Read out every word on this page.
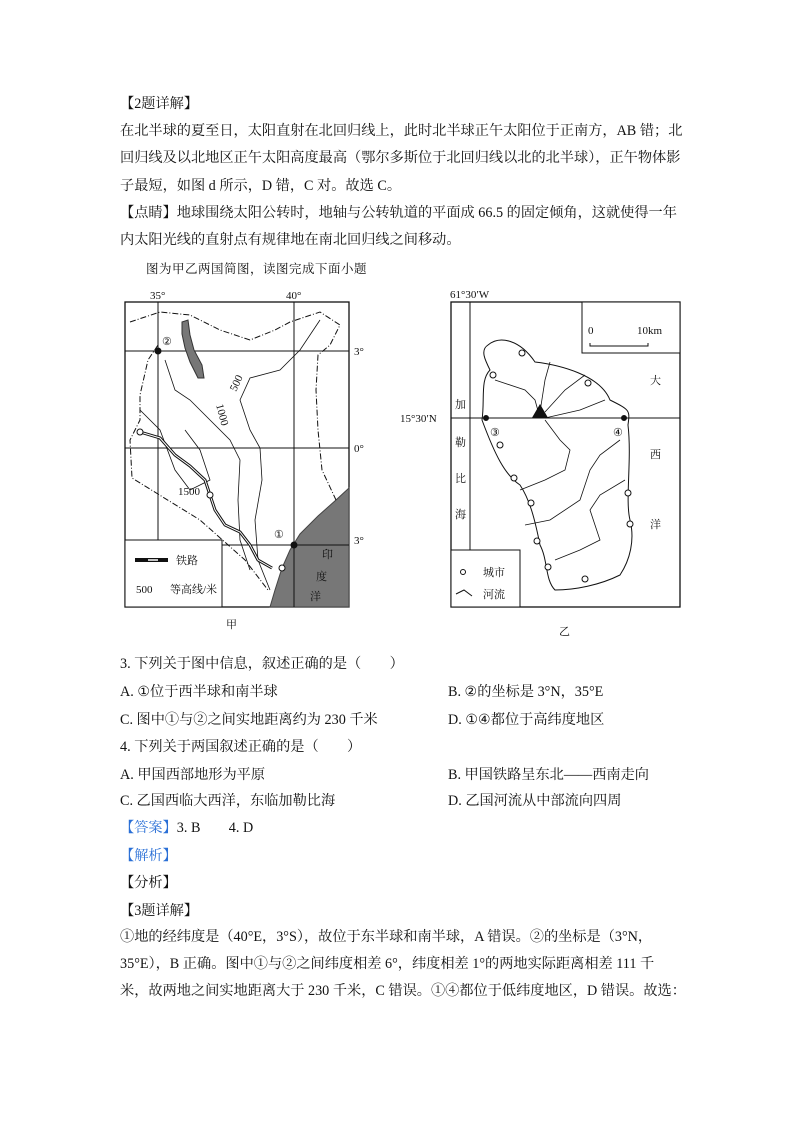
【2题详解】
在北半球的夏至日，太阳直射在北回归线上，此时北半球正午太阳位于正南方，AB 错；北
回归线及以北地区正午太阳高度最高（鄂尔多斯位于北回归线以北的北半球），正午物体影
子最短，如图 d 所示，D 错，C 对。故选 C。
【点睛】地球围绕太阳公转时，地轴与公转轨道的平面成 66.5 的固定倾角，这就使得一年
内太阳光线的直射点有规律地在南北回归线之间移动。
图为甲乙两国简图，读图完成下面小题
35°	40°
3°
0°
3°
500
1000
1500
①
②
印
度
洋
铁路
500 等高线/米
甲
61°30′W
15°30′N
0	10km
③	④
加
勒
比
海
大
西
洋
城市
河流
乙
3. 下列关于图中信息，叙述正确的是（　　）
A. ①位于西半球和南半球	B. ②的坐标是 3°N，35°E
C. 图中①与②之间实地距离约为 230 千米	D. ①④都位于高纬度地区
4. 下列关于两国叙述正确的是（　　）
A. 甲国西部地形为平原	B. 甲国铁路呈东北——西南走向
C. 乙国西临大西洋，东临加勒比海	D. 乙国河流从中部流向四周
【答案】3. B　　4. D
【解析】
【分析】
【3题详解】
①地的经纬度是（40°E，3°S），故位于东半球和南半球，A 错误。②的坐标是（3°N，
35°E），B 正确。图中①与②之间纬度相差 6°，纬度相差 1°的两地实际距离相差 111 千
米，故两地之间实地距离大于 230 千米，C 错误。①④都位于低纬度地区，D 错误。故选：
